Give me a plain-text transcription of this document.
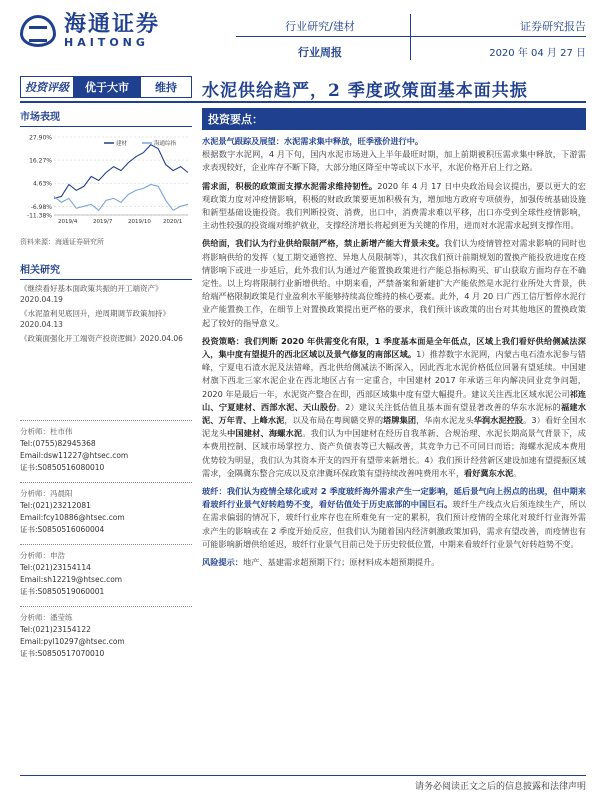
海通证券
HAITONG
行业研究/建材
行业周报
证券研究报告
2020 年 04 月 27 日
投资评级	优于大市	维持	水泥供给趋严，2 季度政策面基本面共振
市场表现
27.90%
16.27%
4.63%
-6.98%
-11.38%
2019/4	2019/7	2019/10 2020/1
建材	海通综指
资料来源：海通证券研究所
相关研究
《继续看好基本面政策共振的开工端资产》2020.04.19
《水泥盈利见底回升，逆周期调节政策加持》2020.04.13
《政策面强化开工端资产投资逻辑》2020.04.06
分析师：杜市伟
Tel:(0755)82945368
Email:dsw11227@htsec.com
证书:S0850516080010
分析师：冯晨阳
Tel:(021)23212081
Email:fcy10886@htsec.com
证书:S0850516060004
分析师：申浩
Tel:(021)23154114
Email:sh12219@htsec.com
证书:S0850519060001
分析师：潘莹练
Tel:(021)23154122
Email:pyl10297@htsec.com
证书:S0850517070010
投资要点：
水泥景气跟踪及展望：水泥需求集中释放，旺季涨价进行中。
根据数字水泥网，4 月下旬，国内水泥市场进入上半年最旺时期，加上前期被积压需求集中释放，下游需求表现较好，企业库存不断下降，大部分地区降至中等或以下水平，水泥价格开启上行之路。
需求面，积极的政策面支撑水泥需求维持韧性。2020 年 4 月 17 日中央政治局会议提出，要以更大的宏观政策力度对冲疫情影响，积极的财政政策要更加积极有为，增加地方政府专项债券，加强传统基础设施和新型基础设施投资。我们判断投资、消费，出口中，消费需求难以平移，出口亦受到全球性疫情影响，主动性较强的投资端对维护就业，支撑经济增长将起到更为关键的作用，进而对水泥需求起到支撑作用。
供给面，我们认为行业供给限制严格，禁止新增产能大背景未变。我们认为疫情管控对需求影响的同时也将影响供给的发挥（复工期交通管控、异地人员限制等），其次我们预计前期规划的置换产能投放进度在疫情影响下或进一步延后，此外我们认为通过产能置换政策进行产能总指标购买、矿山获取方面均存在不确定性。以上均将限制行业新增供给。中期来看，严禁备案和新建扩大产能依然是水泥行业所处大背景，供给端严格限制政策是行业盈利水平能够持续高位维持的核心要素。此外，4 月 20 日广西工信厅暂停水泥行业产能置换工作，在细节上对置换政策提出更严格的要求，我们预计该政策的出台对其他地区的置换政策起了较好的指导意义。
投资策略：我们判断 2020 年供需变化有限，1 季度基本面是全年低点，区域上我们看好供给侧减法深入，集中度有望提升的西北区域以及景气修复的南部区域。1）推荐数字水泥网，内蒙古电石渣水泥参与错峰，宁夏电石渣水泥及法错峰，西北供给侧减法不断深入，因此西北水泥价格低位回暑有望延续。中国建材旗下西北三家水泥企业在西北地区占有一定重合，中国建材 2017 年承诺三年内解决同业竞争问题，2020 年是最后一年，水泥资产整合在即，西部区域集中度有望大幅提升。建议关注西北区域水泥公司祁连山、宁夏建材、西部水泥、天山股份。2）建议关注低估值且基本面有望显著改善的华东水泥标的福建水泥、万年青、上峰水泥，以及布局在粤闽赣交界的塔牌集团，华南水泥龙头华润水泥控股。3）看好全国水泥龙头中国建材、海螺水泥。我们认为中国建材在经历自我革新、合规治理、水泥长期高景气背景下，成本费用控制、区域市场掌控力、资产负债表等已大幅改善，其竞争力已不可同日而语；海螺水泥成本费用优势较为明显，我们认为其资本开支的四开有望带来新增长。4）我们预计经营新区建设加速有望提振区域需求，金隅冀东整合完成以及京津冀环保政策有望持续改善吨费用水平，看好冀东水泥。
玻纤：我们认为疫情全球化或对 2 季度玻纤海外需求产生一定影响，延后景气向上拐点的出现，但中期来看玻纤行业景气好转趋势不变，看好估值处于历史底部的中国巨石。玻纤生产线点火后须连续生产，所以在需求偏弱的情况下，玻纤行业库存也在所难免有一定的累积，我们预计疫情的全球化对玻纤行业海外需求产生的影响或在 2 季度开始反应，但我们认为随着国内经济刺激政策加码，需求有望改善，而疫情也有可能影响新增供给延迟，玻纤行业景气目前已处于历史较低位置，中期来看玻纤行业景气好转趋势不变。
风险提示：地产、基建需求超预期下行；原材料成本超预期提升。
请务必阅读正文之后的信息披露和法律声明
